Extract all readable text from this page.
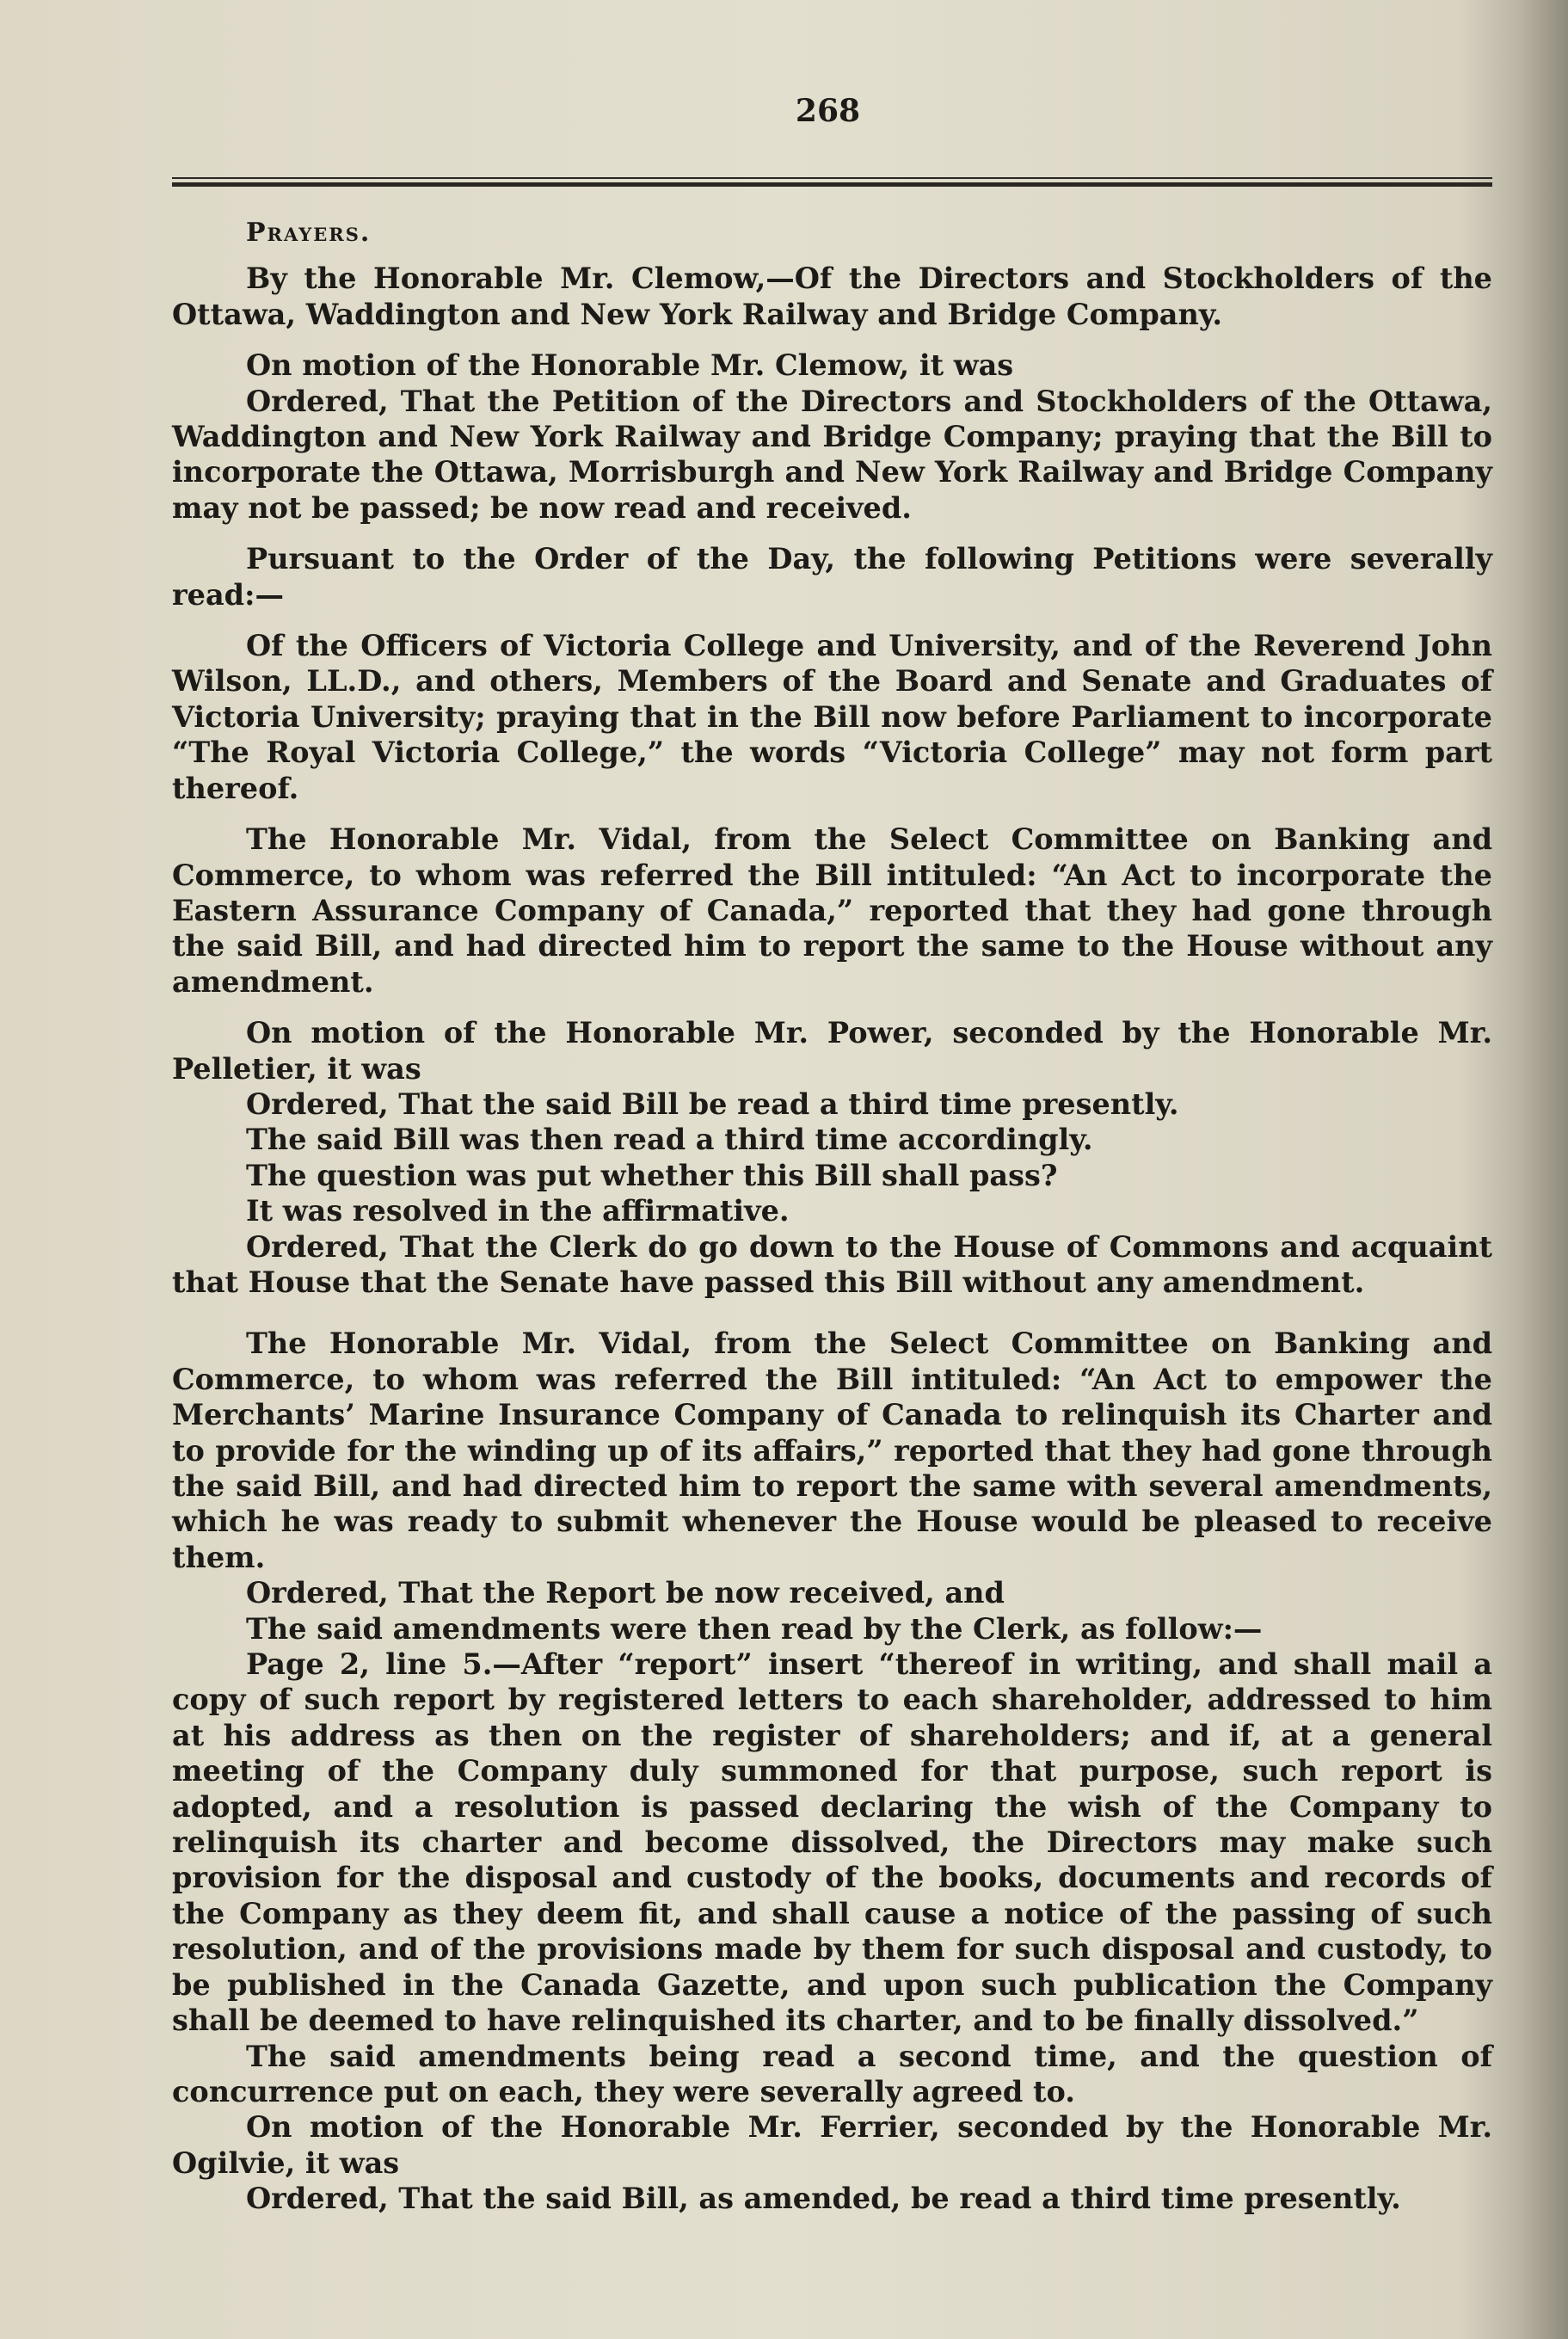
268

Prayers.

By the Honorable Mr. Clemow,—Of the Directors and Stockholders of the Ottawa, Waddington and New York Railway and Bridge Company.

On motion of the Honorable Mr. Clemow, it was

Ordered, That the Petition of the Directors and Stockholders of the Ottawa, Waddington and New York Railway and Bridge Company; praying that the Bill to incorporate the Ottawa, Morrisburgh and New York Railway and Bridge Company may not be passed; be now read and received.

Pursuant to the Order of the Day, the following Petitions were severally read:—

Of the Officers of Victoria College and University, and of the Reverend John Wilson, LL.D., and others, Members of the Board and Senate and Graduates of Victoria University; praying that in the Bill now before Parliament to incorporate “The Royal Victoria College,” the words “Victoria College” may not form part thereof.

The Honorable Mr. Vidal, from the Select Committee on Banking and Commerce, to whom was referred the Bill intituled: “An Act to incorporate the Eastern Assurance Company of Canada,” reported that they had gone through the said Bill, and had directed him to report the same to the House without any amendment.

On motion of the Honorable Mr. Power, seconded by the Honorable Mr. Pelletier, it was

Ordered, That the said Bill be read a third time presently.

The said Bill was then read a third time accordingly.

The question was put whether this Bill shall pass?

It was resolved in the affirmative.

Ordered, That the Clerk do go down to the House of Commons and acquaint that House that the Senate have passed this Bill without any amendment.

The Honorable Mr. Vidal, from the Select Committee on Banking and Commerce, to whom was referred the Bill intituled: “An Act to empower the Merchants’ Marine Insurance Company of Canada to relinquish its Charter and to provide for the winding up of its affairs,” reported that they had gone through the said Bill, and had directed him to report the same with several amendments, which he was ready to submit whenever the House would be pleased to receive them.

Ordered, That the Report be now received, and

The said amendments were then read by the Clerk, as follow:—

Page 2, line 5.—After “report” insert “thereof in writing, and shall mail a copy of such report by registered letters to each shareholder, addressed to him at his address as then on the register of shareholders; and if, at a general meeting of the Company duly summoned for that purpose, such report is adopted, and a resolution is passed declaring the wish of the Company to relinquish its charter and become dissolved, the Directors may make such provision for the disposal and custody of the books, documents and records of the Company as they deem fit, and shall cause a notice of the passing of such resolution, and of the provisions made by them for such disposal and custody, to be published in the Canada Gazette, and upon such publication the Company shall be deemed to have relinquished its charter, and to be finally dissolved.”

The said amendments being read a second time, and the question of concurrence put on each, they were severally agreed to.

On motion of the Honorable Mr. Ferrier, seconded by the Honorable Mr. Ogilvie, it was

Ordered, That the said Bill, as amended, be read a third time presently.
